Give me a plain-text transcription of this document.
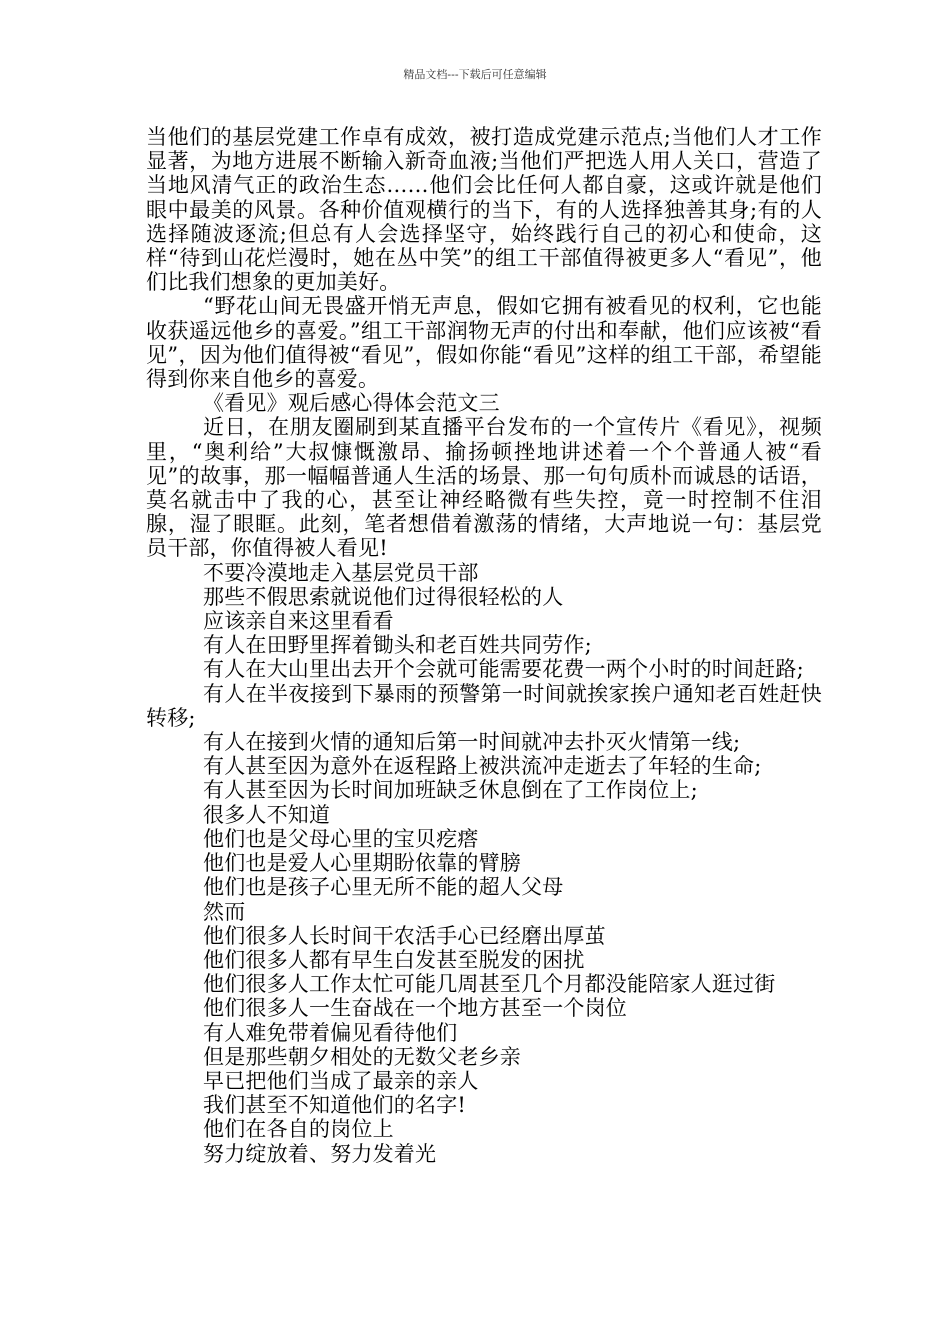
精品文档---下载后可任意编辑

当他们的基层党建工作卓有成效，被打造成党建示范点;当他们人才工作显著，为地方进展不断输入新奇血液;当他们严把选人用人关口，营造了当地风清气正的政治生态……他们会比任何人都自豪，这或许就是他们眼中最美的风景。各种价值观横行的当下，有的人选择独善其身;有的人选择随波逐流;但总有人会选择坚守，始终践行自己的初心和使命，这样“待到山花烂漫时，她在丛中笑”的组工干部值得被更多人“看见”，他们比我们想象的更加美好。

“野花山间无畏盛开悄无声息，假如它拥有被看见的权利，它也能收获遥远他乡的喜爱。”组工干部润物无声的付出和奉献，他们应该被“看见”，因为他们值得被“看见”，假如你能“看见”这样的组工干部，希望能得到你来自他乡的喜爱。

《看见》观后感心得体会范文三

近日，在朋友圈刷到某直播平台发布的一个宣传片《看见》，视频里，“奥利给”大叔慷慨激昂、揄扬顿挫地讲述着一个个普通人被“看见”的故事，那一幅幅普通人生活的场景、那一句句质朴而诚恳的话语，莫名就击中了我的心，甚至让神经略微有些失控，竟一时控制不住泪腺，湿了眼眶。此刻，笔者想借着激荡的情绪，大声地说一句：基层党员干部，你值得被人看见!

不要冷漠地走入基层党员干部

那些不假思索就说他们过得很轻松的人

应该亲自来这里看看

有人在田野里挥着锄头和老百姓共同劳作;

有人在大山里出去开个会就可能需要花费一两个小时的时间赶路;

有人在半夜接到下暴雨的预警第一时间就挨家挨户通知老百姓赶快转移;

有人在接到火情的通知后第一时间就冲去扑灭火情第一线;

有人甚至因为意外在返程路上被洪流冲走逝去了年轻的生命;

有人甚至因为长时间加班缺乏休息倒在了工作岗位上;

很多人不知道

他们也是父母心里的宝贝疙瘩

他们也是爱人心里期盼依靠的臂膀

他们也是孩子心里无所不能的超人父母

然而

他们很多人长时间干农活手心已经磨出厚茧

他们很多人都有早生白发甚至脱发的困扰

他们很多人工作太忙可能几周甚至几个月都没能陪家人逛过街

他们很多人一生奋战在一个地方甚至一个岗位

有人难免带着偏见看待他们

但是那些朝夕相处的无数父老乡亲

早已把他们当成了最亲的亲人

我们甚至不知道他们的名字!

他们在各自的岗位上

努力绽放着、努力发着光
